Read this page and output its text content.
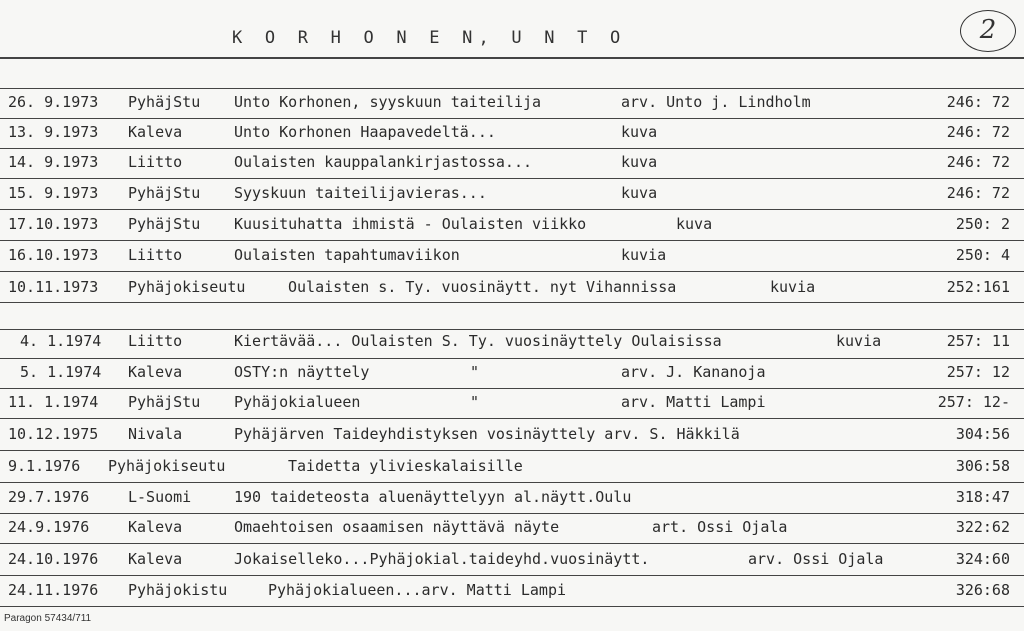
K O R H O N E N, U N T O	2
26. 9.1973 PyhäjStu Unto Korhonen, syyskuun taiteilija	arv. Unto j. Lindholm	246: 72
13. 9.1973 Kaleva	Unto Korhonen Haapavedeltä...	kuva	246: 72
14. 9.1973 Liitto	Oulaisten kauppalankirjastossa...	kuva	246: 72
15. 9.1973 PyhäjStu Syyskuun taiteilijavieras...	kuva	246: 72
17.10.1973 PyhäjStu Kuusituhatta ihmistä - Oulaisten viikko	kuva	250: 2
16.10.1973 Liitto	Oulaisten tapahtumaviikon	kuvia	250: 4
10.11.1973 Pyhäjokiseutu	Oulaisten s. Ty. vuosinäytt. nyt Vihannissa	kuvia	252:161
4. 1.1974 Liitto	Kiertävää... Oulaisten S. Ty. vuosinäyttely Oulaisissa	kuvia	257: 11
5. 1.1974 Kaleva	OSTY:n näyttely	"	arv. J. Kananoja	257: 12
11. 1.1974 PyhäjStu Pyhäjokialueen	"	arv. Matti Lampi	257: 12-
10.12.1975 Nivala	Pyhäjärven Taideyhdistyksen vosinäyttely arv. S. Häkkilä	304:56
9.1.1976 Pyhäjokiseutu	Taidetta ylivieskalaisille	306:58
29.7.1976	L-Suomi	190 taideteosta aluenäyttelyyn al.näytt.Oulu	318:47
24.9.1976	Kaleva	Omaehtoisen osaamisen näyttävä näyte	art. Ossi Ojala	322:62
24.10.1976 Kaleva	Jokaiselleko...Pyhäjokial.taideyhd.vuosinäytt.	arv. Ossi Ojala	324:60
24.11.1976 Pyhäjokistu	Pyhäjokialueen...arv. Matti Lampi	326:68
Paragon 57434/711
